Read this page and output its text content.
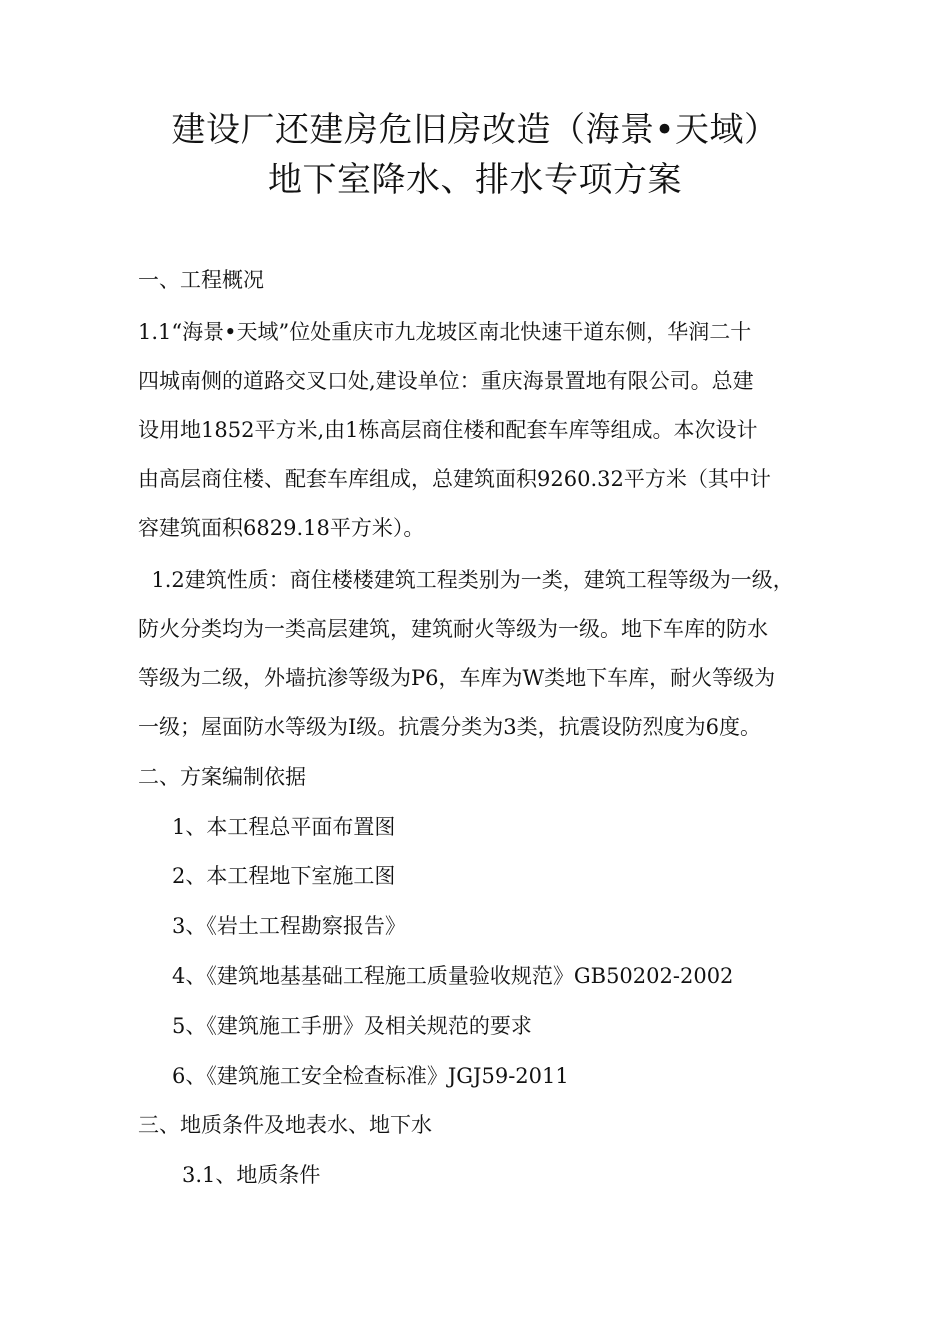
建设厂还建房危旧房改造（海景•天域）
地下室降水、排水专项方案
一、工程概况
1.1“海景•天域”位处重庆市九龙坡区南北快速干道东侧，华润二十
四城南侧的道路交叉口处,建设单位：重庆海景置地有限公司。总建
设用地1852平方米,由1栋高层商住楼和配套车库等组成。本次设计
由高层商住楼、配套车库组成，总建筑面积9260.32平方米（其中计
容建筑面积6829.18平方米）。
1.2建筑性质：商住楼楼建筑工程类别为一类，建筑工程等级为一级，
防火分类均为一类高层建筑，建筑耐火等级为一级。地下车库的防水
等级为二级，外墙抗渗等级为P6，车库为W类地下车库，耐火等级为
一级；屋面防水等级为I级。抗震分类为3类，抗震设防烈度为6度。
二、方案编制依据
1、本工程总平面布置图
2、本工程地下室施工图
3、《岩土工程勘察报告》
4、《建筑地基基础工程施工质量验收规范》GB50202-2002
5、《建筑施工手册》及相关规范的要求
6、《建筑施工安全检查标准》JGJ59-2011
三、地质条件及地表水、地下水
3.1、地质条件
